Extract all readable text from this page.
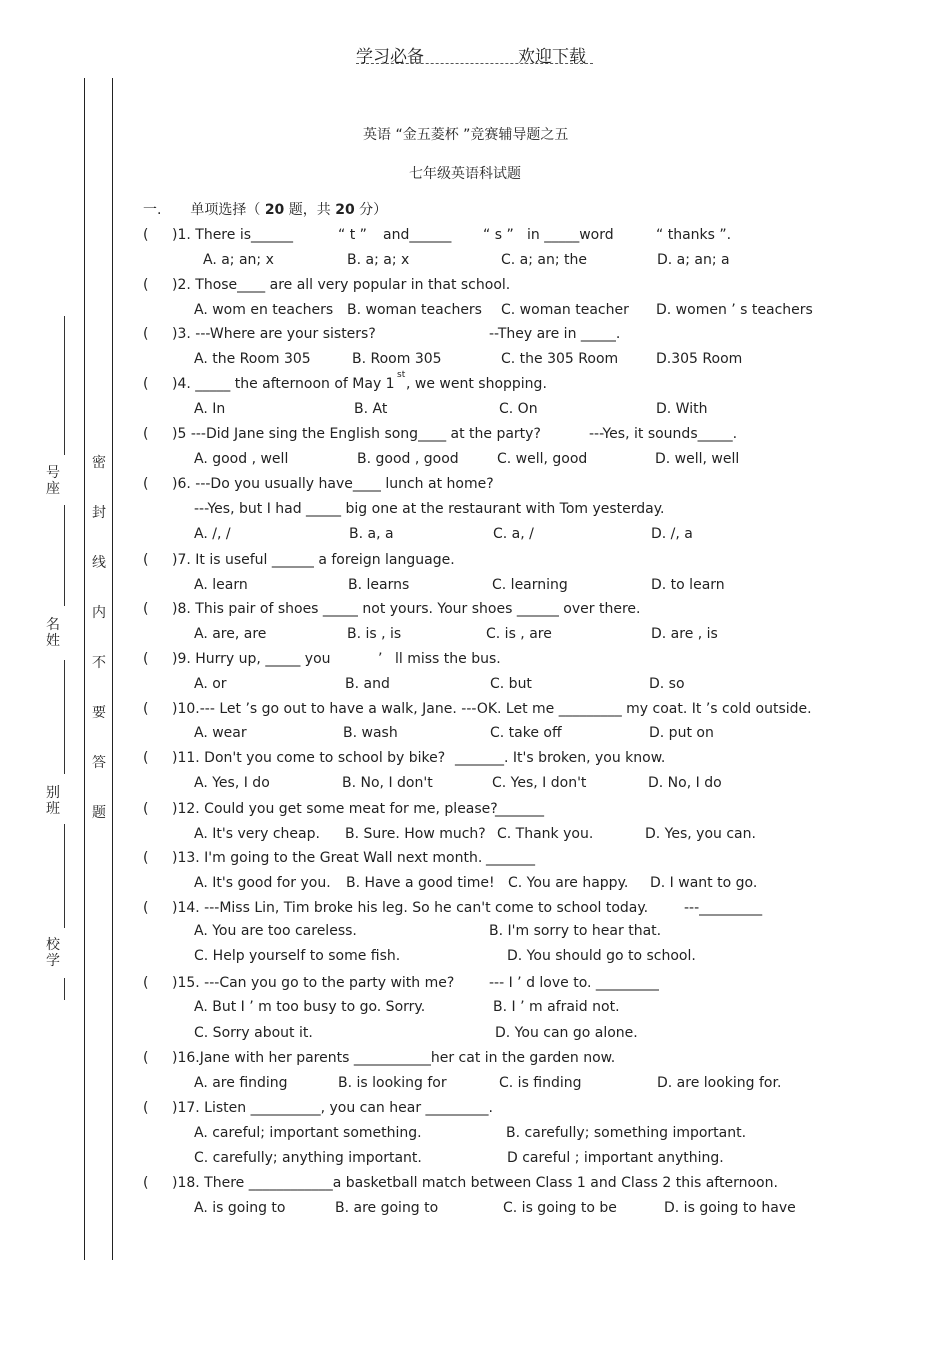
学习必备	欢迎下载
号
座
名
姓
别
班
校
学
密
封
线
内
不
要
答
题
英语 “金五菱杯 ”竞赛辅导题之五
七年级英语科试题
一. 单项选择（ 20 题，共 20 分）
( )1. There is______	“ t ” and______ “ s ” in _____word	“ thanks ”.
A. a; an; x	B. a; a; x	C. a; an; the	D. a; an; a
( )2. Those____ are all very popular in that school.
A. wom en teachers B. woman teachers C. woman teacher D. women ’ s teachers
( )3. ---Where are your sisters?	--They are in _____.
A. the Room 305	B. Room 305	C. the 305 Room	D.305 Room
( )4. _____ the afternoon of May 1
st
, we went shopping.
A. In	B. At	C. On	D. With
( )5 ---Did Jane sing the English song____ at the party?	---Yes, it sounds_____.
A. good , well	B. good , good	C. well, good	D. well, well
( )6. ---Do you usually have____ lunch at home?
---Yes, but I had _____ big one at the restaurant with Tom yesterday.
A. /, /	B. a, a	C. a, /	D. /, a
( )7. It is useful ______ a foreign language.
A. learn	B. learns	C. learning	D. to learn
( )8. This pair of shoes _____ not yours. Your shoes ______ over there.
A. are, are	B. is , is	C. is , are	D. are , is
( )9. Hurry up, _____ you	’ ll miss the bus.
A. or	B. and	C. but	D. so
( )10.--- Let ’s go out to have a walk, Jane. ---OK. Let me _________ my coat. It ’s cold outside.
A. wear	B. wash	C. take off	D. put on
( )11. Don't you come to school by bike? _______. It's broken, you know.
A. Yes, I do	B. No, I don't	C. Yes, I don't	D. No, I do
( )12. Could you get some meat for me, please?
_______
A. It's very cheap. B. Sure. How much? C. Thank you.	D. Yes, you can.
( )13. I'm going to the Great Wall next month. _______
A. It's good for you. B. Have a good time! C. You are happy. D. I want to go.
( )14. ---Miss Lin, Tim broke his leg. So he can't come to school today.	---_________
A. You are too careless.	B. I'm sorry to hear that.
C. Help yourself to some fish.	D. You should go to school.
( )15. ---Can you go to the party with me? --- I ’ d love to. _________
A. But I ’ m too busy to go. Sorry.	B. I ’ m afraid not.
C. Sorry about it.	D. You can go alone.
( )16.Jane with her parents ___________her cat in the garden now.
A. are finding	B. is looking for	C. is finding	D. are looking for.
( )17. Listen __________, you can hear _________.
A. careful; important something.	B. carefully; something important.
C. carefully; anything important.	D careful ; important anything.
( )18. There ____________a basketball match between Class 1 and Class 2 this afternoon.
A. is going to	B. are going to	C. is going to be	D. is going to have
